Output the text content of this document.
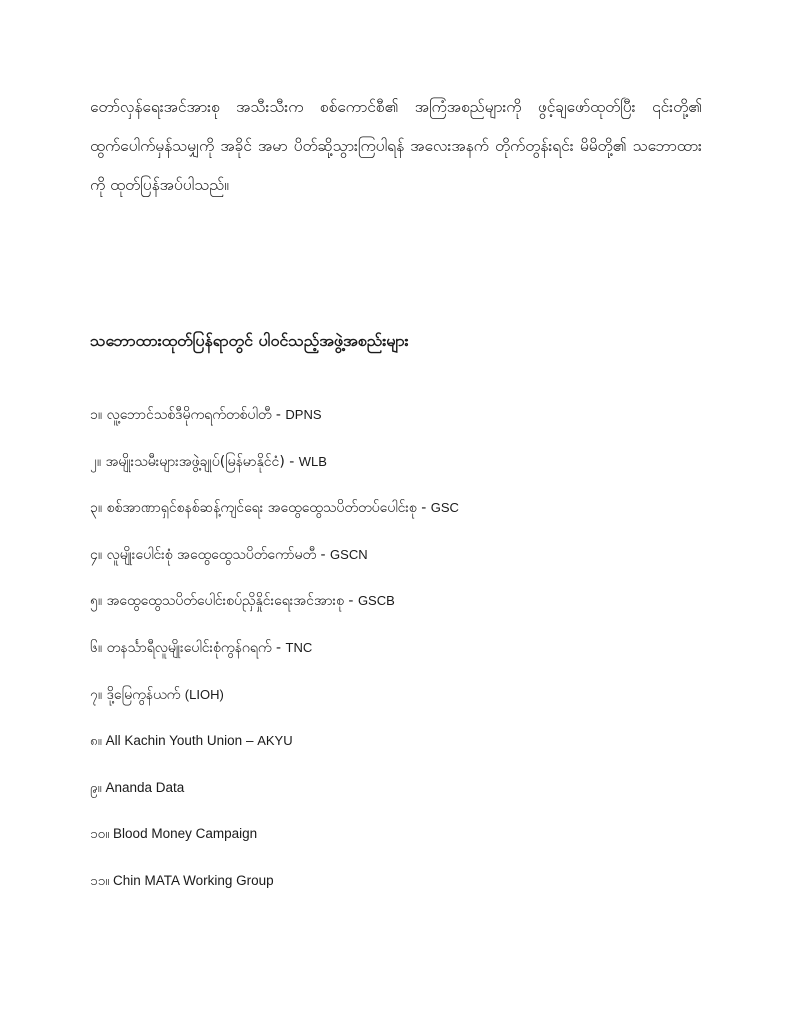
တော်လှန်ရေးအင်အားစု အသီးသီးက စစ်ကောင်စီ၏ အကြံအစည်များကို ဖွင့်ချဖော်ထုတ်ပြီး ၎င်းတို့၏ ထွက်ပေါက်မှန်သမျှကို အခိုင် အမာ ပိတ်ဆို့သွားကြပါရန် အလေးအနက် တိုက်တွန်းရင်း မိမိတို့၏ သဘောထားကို ထုတ်ပြန်အပ်ပါသည်။

သဘောထားထုတ်ပြန်ရာတွင် ပါဝင်သည့်အဖွဲ့အစည်းများ
၁။ လူ့ဘောင်သစ်ဒီမိုကရက်တစ်ပါတီ - DPNS
၂။ အမျိုးသမီးများအဖွဲ့ချုပ်(မြန်မာနိုင်ငံ) - WLB
၃။ စစ်အာဏာရှင်စနစ်ဆန့်ကျင်ရေး အထွေထွေသပိတ်တပ်ပေါင်းစု - GSC
၄။ လူမျိုးပေါင်းစုံ အထွေထွေသပိတ်ကော်မတီ - GSCN
၅။ အထွေထွေသပိတ်ပေါင်းစပ်ညှိနှိုင်းရေးအင်အားစု - GSCB
၆။ တနင်္သာရီလူမျိုးပေါင်းစုံကွန်ဂရက် - TNC
၇။ ဒို့မြေကွန်ယက် (LIOH)
၈။ All Kachin Youth Union – AKYU
၉။ Ananda Data
၁၀။ Blood Money Campaign
၁၁။ Chin MATA Working Group
